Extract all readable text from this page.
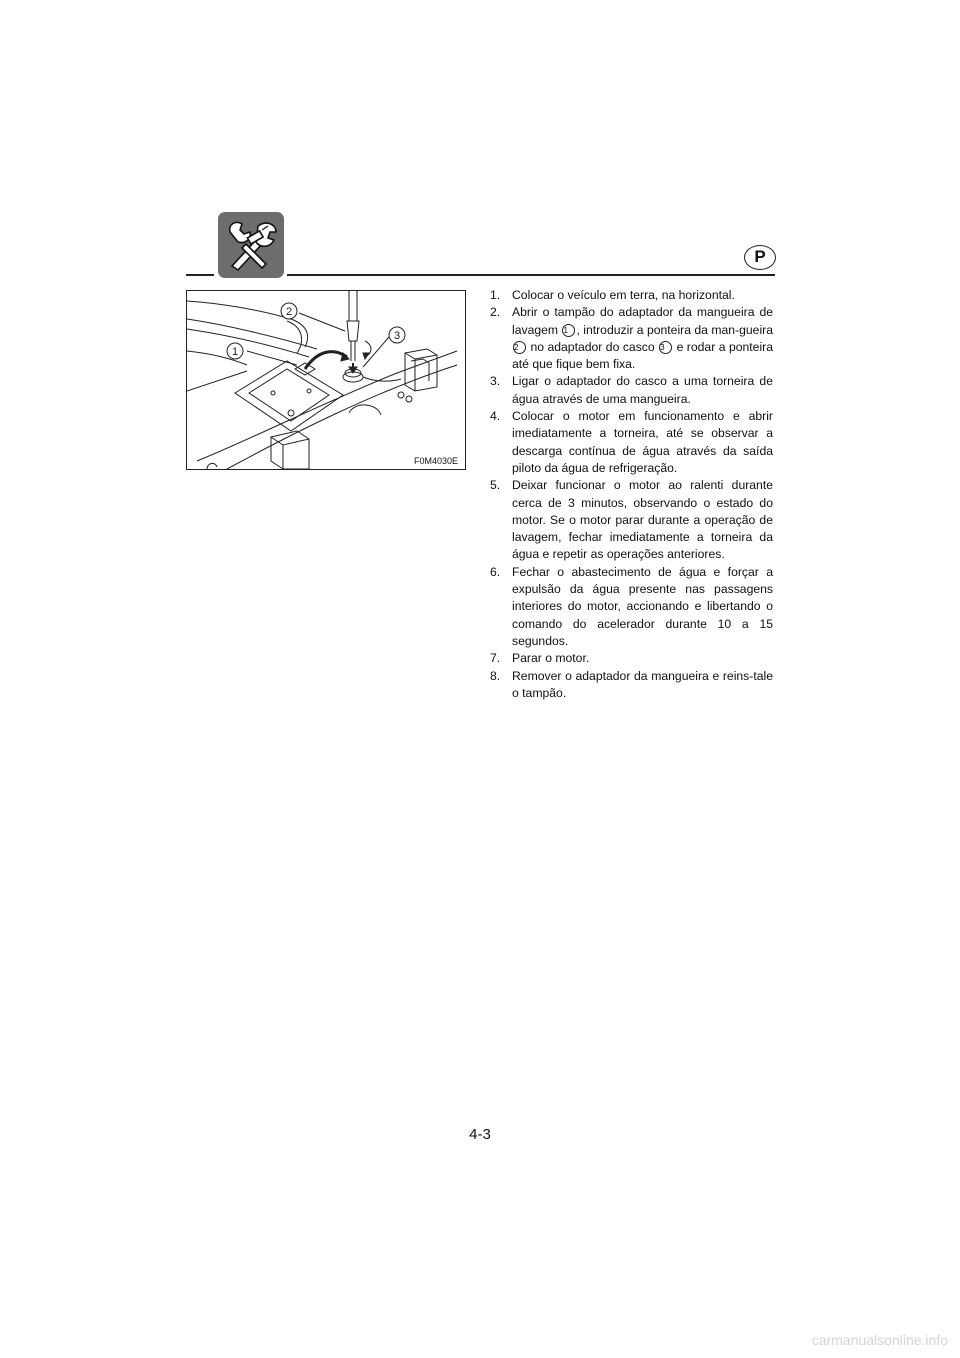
P
1
2
3
F0M4030E
1. Colocar o veículo em terra, na horizontal.
2. Abrir o tampão do adaptador da mangueira de lavagem 1 , introduzir a ponteira da man-gueira 2 no adaptador do casco 3 e rodar a ponteira até que fique bem fixa.
3. Ligar o adaptador do casco a uma torneira de água através de uma mangueira.
4. Colocar o motor em funcionamento e abrir imediatamente a torneira, até se observar a descarga contínua de água através da saída piloto da água de refrigeração.
5. Deixar funcionar o motor ao ralenti durante cerca de 3 minutos, observando o estado do motor. Se o motor parar durante a operação de lavagem, fechar imediatamente a torneira da água e repetir as operações anteriores.
6. Fechar o abastecimento de água e forçar a expulsão da água presente nas passagens interiores do motor, accionando e libertando o comando do acelerador durante 10 a 15 segundos.
7. Parar o motor.
8. Remover o adaptador da mangueira e reins-tale o tampão.
4-3
carmanualsonline.info
